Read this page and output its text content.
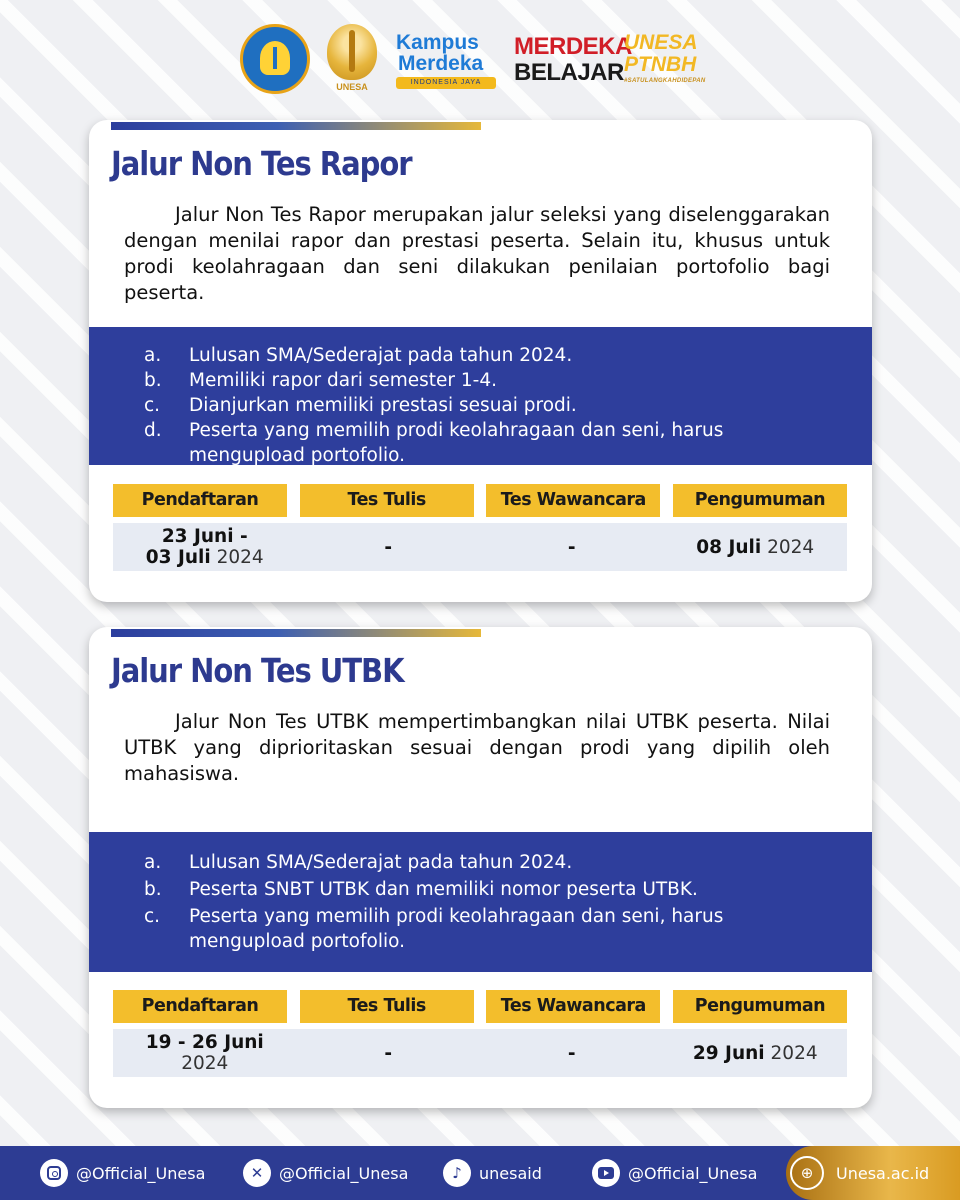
UNESA
Kampus
Merdeka
INDONESIA JAYA
MERDEKA
BELAJAR
UNESA
PTNBH
#SATULANGKAHDIDEPAN
Jalur Non Tes Rapor

Jalur Non Tes Rapor merupakan jalur seleksi yang diselenggarakan dengan menilai rapor dan prestasi peserta. Selain itu, khusus untuk prodi keolahragaan dan seni dilakukan penilaian portofolio bagi peserta.

a. Lulusan SMA/Sederajat pada tahun 2024.
b. Memiliki rapor dari semester 1-4.
c. Dianjurkan memiliki prestasi sesuai prodi.
d. Peserta yang memilih prodi keolahragaan dan seni, harus mengupload portofolio.
Pendaftaran	Tes Tulis	Tes Wawancara	Pengumuman
23 Juni -
03 Juli 2024	-	-	08 Juli 2024
Jalur Non Tes UTBK

Jalur Non Tes UTBK mempertimbangkan nilai UTBK peserta. Nilai UTBK yang diprioritaskan sesuai dengan prodi yang dipilih oleh mahasiswa.

a. Lulusan SMA/Sederajat pada tahun 2024.
b. Peserta SNBT UTBK dan memiliki nomor peserta UTBK.
c. Peserta yang memilih prodi keolahragaan dan seni, harus mengupload portofolio.
Pendaftaran	Tes Tulis	Tes Wawancara	Pengumuman
19 - 26 Juni
2024	-	-	29 Juni 2024
@Official_Unesa	✕ @Official_Unesa	♪	unesaid	@Official_Unesa	⊕	Unesa.ac.id
